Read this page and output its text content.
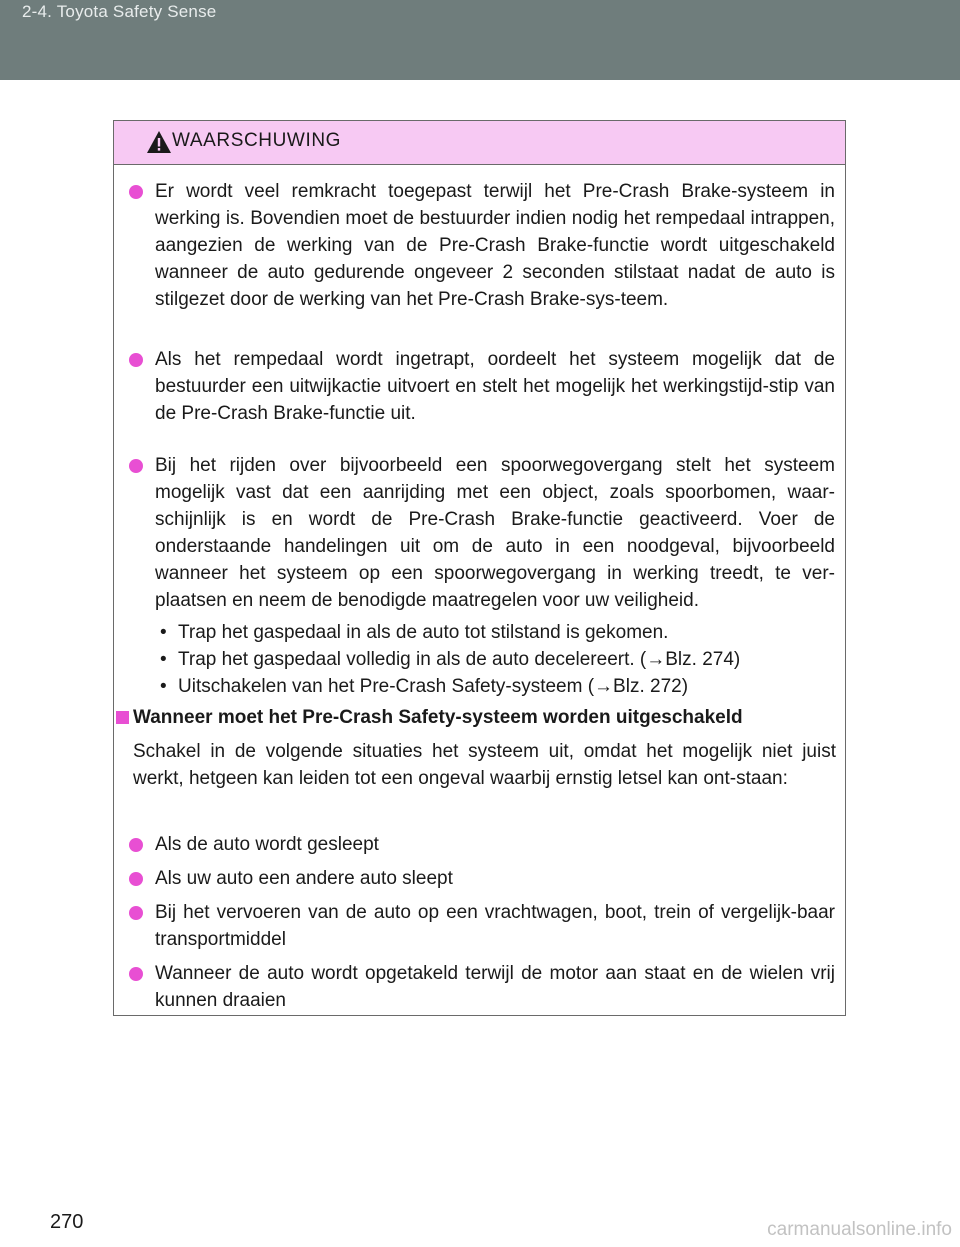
2-4. Toyota Safety Sense
WAARSCHUWING
Er wordt veel remkracht toegepast terwijl het Pre-Crash Brake-systeem in werking is. Bovendien moet de bestuurder indien nodig het rempedaal intrappen, aangezien de werking van de Pre-Crash Brake-functie wordt uitgeschakeld wanneer de auto gedurende ongeveer 2 seconden stilstaat nadat de auto is stilgezet door de werking van het Pre-Crash Brake-sys-teem.
Als het rempedaal wordt ingetrapt, oordeelt het systeem mogelijk dat de bestuurder een uitwijkactie uitvoert en stelt het mogelijk het werkingstijd-stip van de Pre-Crash Brake-functie uit.
Bij het rijden over bijvoorbeeld een spoorwegovergang stelt het systeem mogelijk vast dat een aanrijding met een object, zoals spoorbomen, waar-schijnlijk is en wordt de Pre-Crash Brake-functie geactiveerd. Voer de onderstaande handelingen uit om de auto in een noodgeval, bijvoorbeeld wanneer het systeem op een spoorwegovergang in werking treedt, te ver-plaatsen en neem de benodigde maatregelen voor uw veiligheid.
• Trap het gaspedaal in als de auto tot stilstand is gekomen.
• Trap het gaspedaal volledig in als de auto decelereert. (→Blz. 274)
• Uitschakelen van het Pre-Crash Safety-systeem (→Blz. 272)
Wanneer moet het Pre-Crash Safety-systeem worden uitgeschakeld
Schakel in de volgende situaties het systeem uit, omdat het mogelijk niet juist werkt, hetgeen kan leiden tot een ongeval waarbij ernstig letsel kan ont-staan:
Als de auto wordt gesleept
Als uw auto een andere auto sleept
Bij het vervoeren van de auto op een vrachtwagen, boot, trein of vergelijk-baar transportmiddel
Wanneer de auto wordt opgetakeld terwijl de motor aan staat en de wielen vrij kunnen draaien
270	carmanualsonline.info
